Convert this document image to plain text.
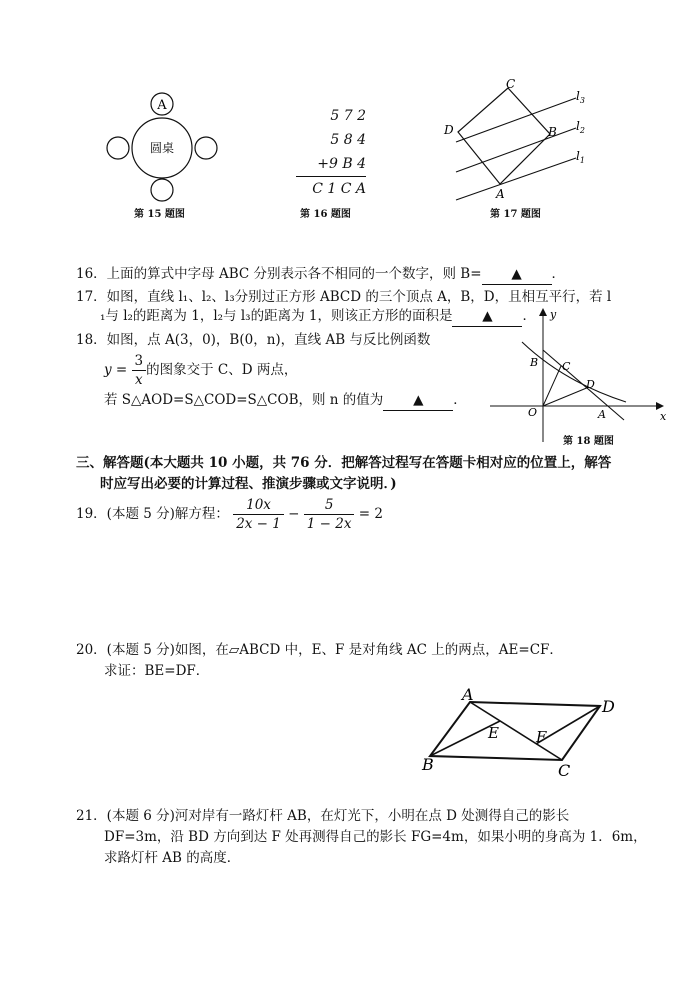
A
圆桌
第 15 题图
5 7 2
5 8 4
+9 B 4
C 1 C A
第 16 题图
C
D	B
A
$l_3$
$l_2$
$l_1$
第 17 题图
16．上面的算式中字母 ABC 分别表示各不相同的一个数字，则 B= ▲ ．
17．如图，直线 l₁、l₂、l₃分别过正方形 ABCD 的三个顶点 A，B，D，且相互平行，若 l
₁与 l₂的距离为 1，l₂与 l₃的距离为 1，则该正方形的面积是 ▲ ． y
x
O
B C
D
A
第 18 题图
18．如图，点 A(3，0)，B(0，n)，直线 AB 与反比例函数
$y = \frac{3}{x}$ 的图象交于 C、D 两点，
若 S△AOD=S△COD=S△COB，则 n 的值为 ▲ ．
三、解答题(本大题共 10 小题，共 76 分．把解答过程写在答题卡相对应的位置上，解答
时应写出必要的计算过程、推演步骤或文字说明．)
19．(本题 5 分)解方程： $\frac{10x}{2x - 1} - \frac{5}{1 - 2x} = 2$
20．(本题 5 分)如图，在▱ABCD 中，E、F 是对角线 AC 上的两点，AE=CF．
求证：BE=DF．
A
D
E F
B	C
21．(本题 6 分)河对岸有一路灯杆 AB，在灯光下，小明在点 D 处测得自己的影长
DF=3m，沿 BD 方向到达 F 处再测得自己的影长 FG=4m，如果小明的身高为 1．6m，
求路灯杆 AB 的高度．
